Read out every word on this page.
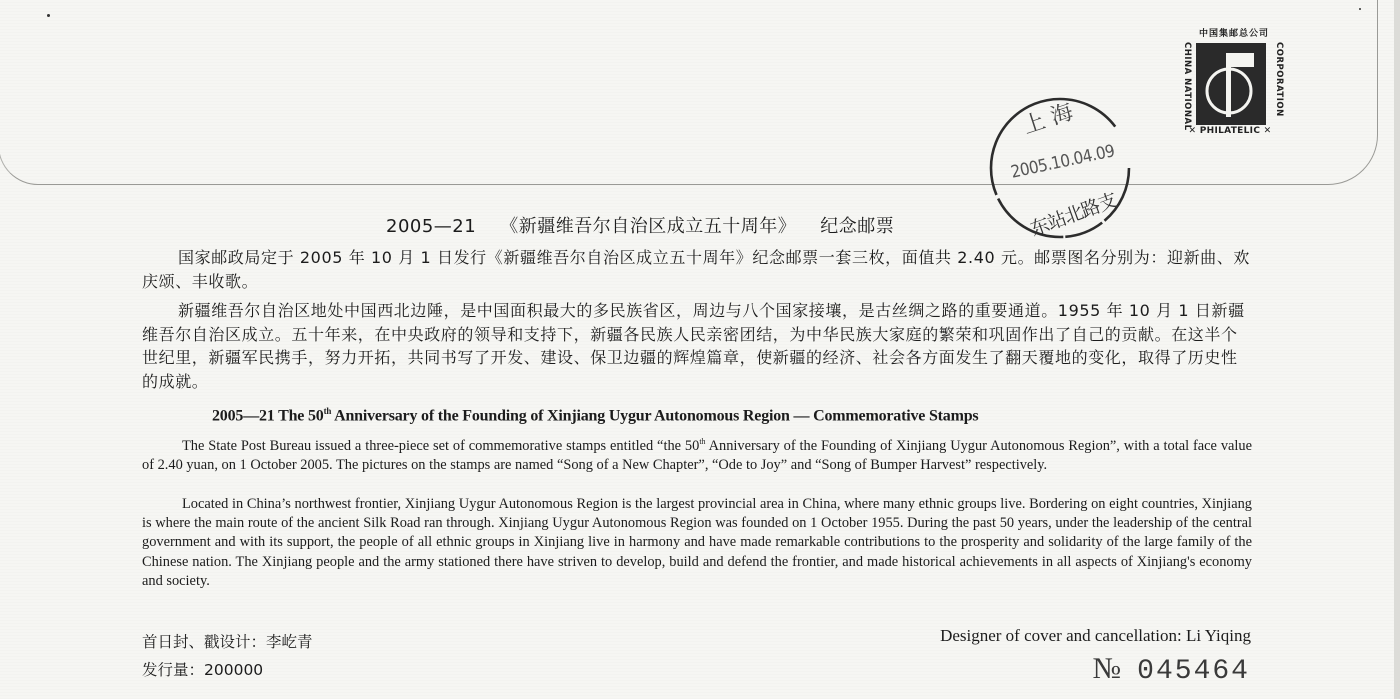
中国集邮总公司
CHINA NATIONAL	CORPORATION
✕ PHILATELIC ✕
上 海
2005.10.04.09
东站北路支
2005—21 《新疆维吾尔自治区成立五十周年》 纪念邮票
国家邮政局定于 2005 年 10 月 1 日发行《新疆维吾尔自治区成立五十周年》纪念邮票一套三枚，面值共 2.40 元。邮票图名分别为：迎新曲、欢庆颂、丰收歌。
新疆维吾尔自治区地处中国西北边陲，是中国面积最大的多民族省区，周边与八个国家接壤，是古丝绸之路的重要通道。1955 年 10 月 1 日新疆维吾尔自治区成立。五十年来，在中央政府的领导和支持下，新疆各民族人民亲密团结，为中华民族大家庭的繁荣和巩固作出了自己的贡献。在这半个世纪里，新疆军民携手，努力开拓，共同书写了开发、建设、保卫边疆的辉煌篇章，使新疆的经济、社会各方面发生了翻天覆地的变化，取得了历史性的成就。
2005—21 The 50th Anniversary of the Founding of Xinjiang Uygur Autonomous Region — Commemorative Stamps
The State Post Bureau issued a three-piece set of commemorative stamps entitled “the 50th Anniversary of the Founding of Xinjiang Uygur Autonomous Region”, with a total face value of 2.40 yuan, on 1 October 2005. The pictures on the stamps are named “Song of a New Chapter”, “Ode to Joy” and “Song of Bumper Harvest” respectively.
Located in China’s northwest frontier, Xinjiang Uygur Autonomous Region is the largest provincial area in China, where many ethnic groups live. Bordering on eight countries, Xinjiang is where the main route of the ancient Silk Road ran through. Xinjiang Uygur Autonomous Region was founded on 1 October 1955. During the past 50 years, under the leadership of the central government and with its support, the people of all ethnic groups in Xinjiang live in harmony and have made remarkable contributions to the prosperity and solidarity of the large family of the Chinese nation. The Xinjiang people and the army stationed there have striven to develop, build and defend the frontier, and made historical achievements in all aspects of Xinjiang's economy and society.
首日封、戳设计：李屹青
发行量：200000
Designer of cover and cancellation: Li Yiqing
№ 045464
